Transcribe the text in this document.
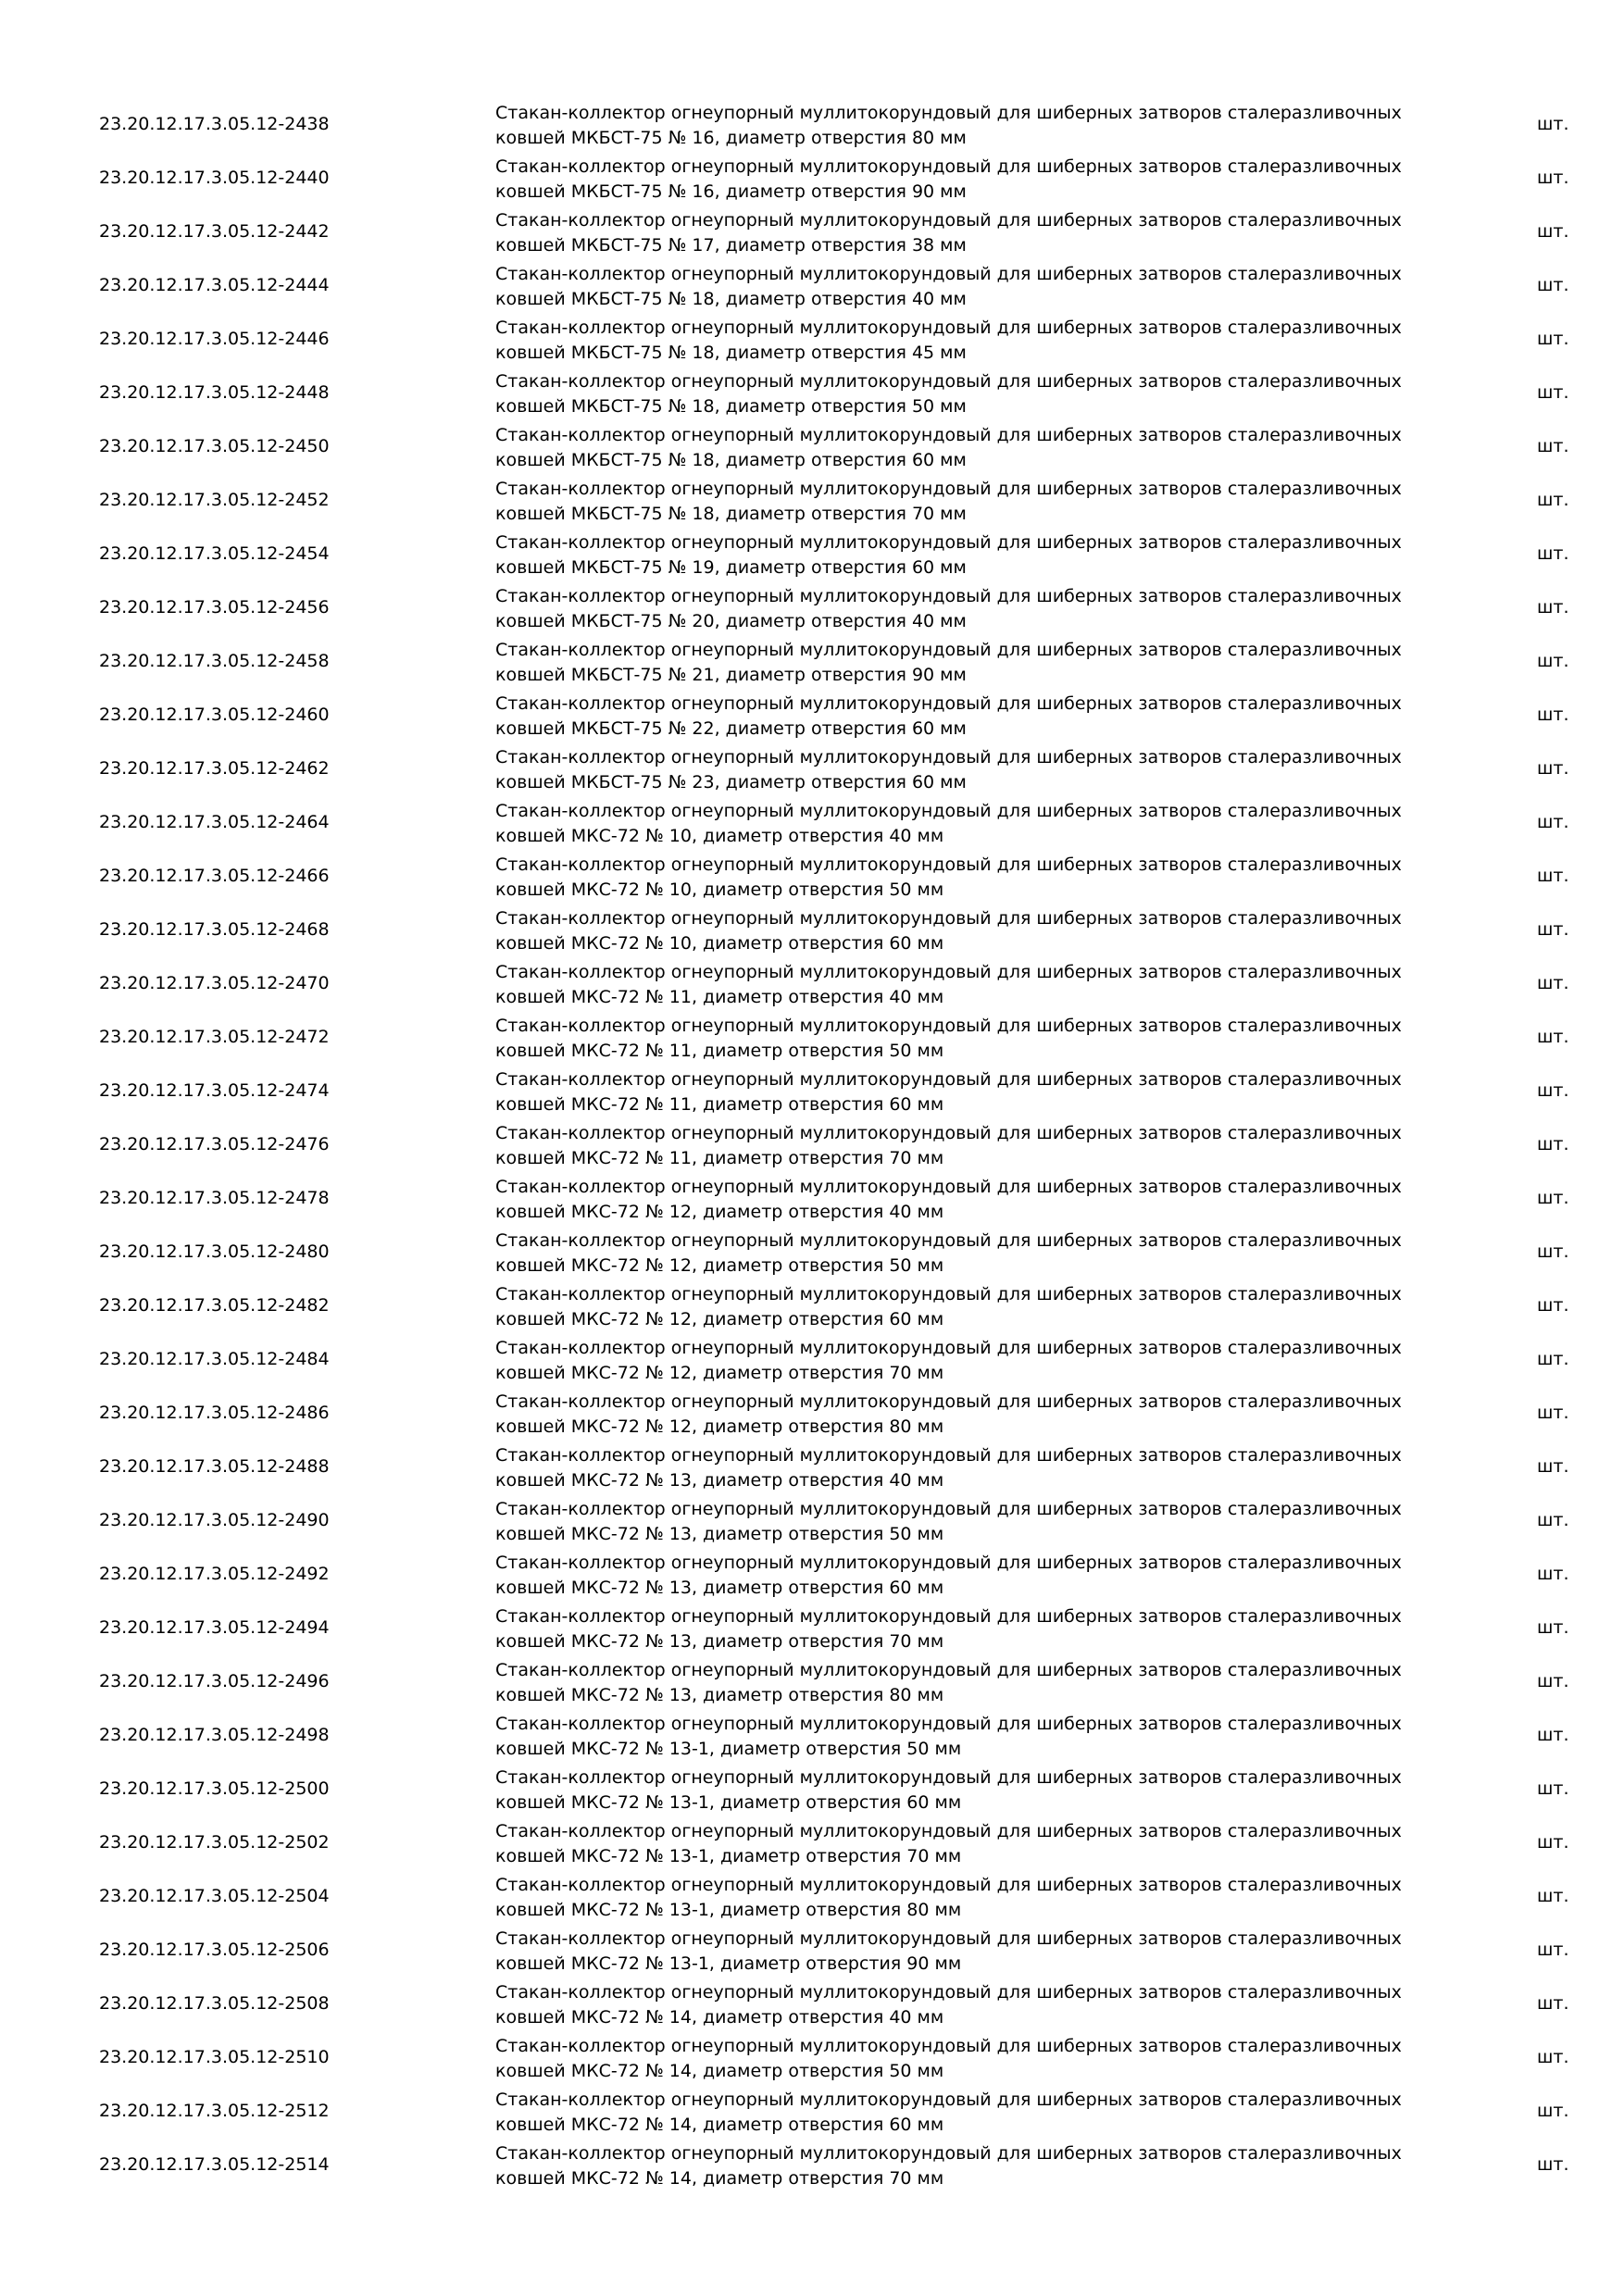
23.20.12.17.3.05.12-2438
Стакан-коллектор огнеупорный муллитокорундовый для шиберных затворов сталеразливочных
ковшей МКБСТ-75 № 16, диаметр отверстия 80 мм
шт.
23.20.12.17.3.05.12-2440
Стакан-коллектор огнеупорный муллитокорундовый для шиберных затворов сталеразливочных
ковшей МКБСТ-75 № 16, диаметр отверстия 90 мм
шт.
23.20.12.17.3.05.12-2442
Стакан-коллектор огнеупорный муллитокорундовый для шиберных затворов сталеразливочных
ковшей МКБСТ-75 № 17, диаметр отверстия 38 мм
шт.
23.20.12.17.3.05.12-2444
Стакан-коллектор огнеупорный муллитокорундовый для шиберных затворов сталеразливочных
ковшей МКБСТ-75 № 18, диаметр отверстия 40 мм
шт.
23.20.12.17.3.05.12-2446
Стакан-коллектор огнеупорный муллитокорундовый для шиберных затворов сталеразливочных
ковшей МКБСТ-75 № 18, диаметр отверстия 45 мм
шт.
23.20.12.17.3.05.12-2448
Стакан-коллектор огнеупорный муллитокорундовый для шиберных затворов сталеразливочных
ковшей МКБСТ-75 № 18, диаметр отверстия 50 мм
шт.
23.20.12.17.3.05.12-2450
Стакан-коллектор огнеупорный муллитокорундовый для шиберных затворов сталеразливочных
ковшей МКБСТ-75 № 18, диаметр отверстия 60 мм
шт.
23.20.12.17.3.05.12-2452
Стакан-коллектор огнеупорный муллитокорундовый для шиберных затворов сталеразливочных
ковшей МКБСТ-75 № 18, диаметр отверстия 70 мм
шт.
23.20.12.17.3.05.12-2454
Стакан-коллектор огнеупорный муллитокорундовый для шиберных затворов сталеразливочных
ковшей МКБСТ-75 № 19, диаметр отверстия 60 мм
шт.
23.20.12.17.3.05.12-2456
Стакан-коллектор огнеупорный муллитокорундовый для шиберных затворов сталеразливочных
ковшей МКБСТ-75 № 20, диаметр отверстия 40 мм
шт.
23.20.12.17.3.05.12-2458
Стакан-коллектор огнеупорный муллитокорундовый для шиберных затворов сталеразливочных
ковшей МКБСТ-75 № 21, диаметр отверстия 90 мм
шт.
23.20.12.17.3.05.12-2460
Стакан-коллектор огнеупорный муллитокорундовый для шиберных затворов сталеразливочных
ковшей МКБСТ-75 № 22, диаметр отверстия 60 мм
шт.
23.20.12.17.3.05.12-2462
Стакан-коллектор огнеупорный муллитокорундовый для шиберных затворов сталеразливочных
ковшей МКБСТ-75 № 23, диаметр отверстия 60 мм
шт.
23.20.12.17.3.05.12-2464
Стакан-коллектор огнеупорный муллитокорундовый для шиберных затворов сталеразливочных
ковшей МКС-72 № 10, диаметр отверстия 40 мм
шт.
23.20.12.17.3.05.12-2466
Стакан-коллектор огнеупорный муллитокорундовый для шиберных затворов сталеразливочных
ковшей МКС-72 № 10, диаметр отверстия 50 мм
шт.
23.20.12.17.3.05.12-2468
Стакан-коллектор огнеупорный муллитокорундовый для шиберных затворов сталеразливочных
ковшей МКС-72 № 10, диаметр отверстия 60 мм
шт.
23.20.12.17.3.05.12-2470
Стакан-коллектор огнеупорный муллитокорундовый для шиберных затворов сталеразливочных
ковшей МКС-72 № 11, диаметр отверстия 40 мм
шт.
23.20.12.17.3.05.12-2472
Стакан-коллектор огнеупорный муллитокорундовый для шиберных затворов сталеразливочных
ковшей МКС-72 № 11, диаметр отверстия 50 мм
шт.
23.20.12.17.3.05.12-2474
Стакан-коллектор огнеупорный муллитокорундовый для шиберных затворов сталеразливочных
ковшей МКС-72 № 11, диаметр отверстия 60 мм
шт.
23.20.12.17.3.05.12-2476
Стакан-коллектор огнеупорный муллитокорундовый для шиберных затворов сталеразливочных
ковшей МКС-72 № 11, диаметр отверстия 70 мм
шт.
23.20.12.17.3.05.12-2478
Стакан-коллектор огнеупорный муллитокорундовый для шиберных затворов сталеразливочных
ковшей МКС-72 № 12, диаметр отверстия 40 мм
шт.
23.20.12.17.3.05.12-2480
Стакан-коллектор огнеупорный муллитокорундовый для шиберных затворов сталеразливочных
ковшей МКС-72 № 12, диаметр отверстия 50 мм
шт.
23.20.12.17.3.05.12-2482
Стакан-коллектор огнеупорный муллитокорундовый для шиберных затворов сталеразливочных
ковшей МКС-72 № 12, диаметр отверстия 60 мм
шт.
23.20.12.17.3.05.12-2484
Стакан-коллектор огнеупорный муллитокорундовый для шиберных затворов сталеразливочных
ковшей МКС-72 № 12, диаметр отверстия 70 мм
шт.
23.20.12.17.3.05.12-2486
Стакан-коллектор огнеупорный муллитокорундовый для шиберных затворов сталеразливочных
ковшей МКС-72 № 12, диаметр отверстия 80 мм
шт.
23.20.12.17.3.05.12-2488
Стакан-коллектор огнеупорный муллитокорундовый для шиберных затворов сталеразливочных
ковшей МКС-72 № 13, диаметр отверстия 40 мм
шт.
23.20.12.17.3.05.12-2490
Стакан-коллектор огнеупорный муллитокорундовый для шиберных затворов сталеразливочных
ковшей МКС-72 № 13, диаметр отверстия 50 мм
шт.
23.20.12.17.3.05.12-2492
Стакан-коллектор огнеупорный муллитокорундовый для шиберных затворов сталеразливочных
ковшей МКС-72 № 13, диаметр отверстия 60 мм
шт.
23.20.12.17.3.05.12-2494
Стакан-коллектор огнеупорный муллитокорундовый для шиберных затворов сталеразливочных
ковшей МКС-72 № 13, диаметр отверстия 70 мм
шт.
23.20.12.17.3.05.12-2496
Стакан-коллектор огнеупорный муллитокорундовый для шиберных затворов сталеразливочных
ковшей МКС-72 № 13, диаметр отверстия 80 мм
шт.
23.20.12.17.3.05.12-2498
Стакан-коллектор огнеупорный муллитокорундовый для шиберных затворов сталеразливочных
ковшей МКС-72 № 13-1, диаметр отверстия 50 мм
шт.
23.20.12.17.3.05.12-2500
Стакан-коллектор огнеупорный муллитокорундовый для шиберных затворов сталеразливочных
ковшей МКС-72 № 13-1, диаметр отверстия 60 мм
шт.
23.20.12.17.3.05.12-2502
Стакан-коллектор огнеупорный муллитокорундовый для шиберных затворов сталеразливочных
ковшей МКС-72 № 13-1, диаметр отверстия 70 мм
шт.
23.20.12.17.3.05.12-2504
Стакан-коллектор огнеупорный муллитокорундовый для шиберных затворов сталеразливочных
ковшей МКС-72 № 13-1, диаметр отверстия 80 мм
шт.
23.20.12.17.3.05.12-2506
Стакан-коллектор огнеупорный муллитокорундовый для шиберных затворов сталеразливочных
ковшей МКС-72 № 13-1, диаметр отверстия 90 мм
шт.
23.20.12.17.3.05.12-2508
Стакан-коллектор огнеупорный муллитокорундовый для шиберных затворов сталеразливочных
ковшей МКС-72 № 14, диаметр отверстия 40 мм
шт.
23.20.12.17.3.05.12-2510
Стакан-коллектор огнеупорный муллитокорундовый для шиберных затворов сталеразливочных
ковшей МКС-72 № 14, диаметр отверстия 50 мм
шт.
23.20.12.17.3.05.12-2512
Стакан-коллектор огнеупорный муллитокорундовый для шиберных затворов сталеразливочных
ковшей МКС-72 № 14, диаметр отверстия 60 мм
шт.
23.20.12.17.3.05.12-2514
Стакан-коллектор огнеупорный муллитокорундовый для шиберных затворов сталеразливочных
ковшей МКС-72 № 14, диаметр отверстия 70 мм
шт.
